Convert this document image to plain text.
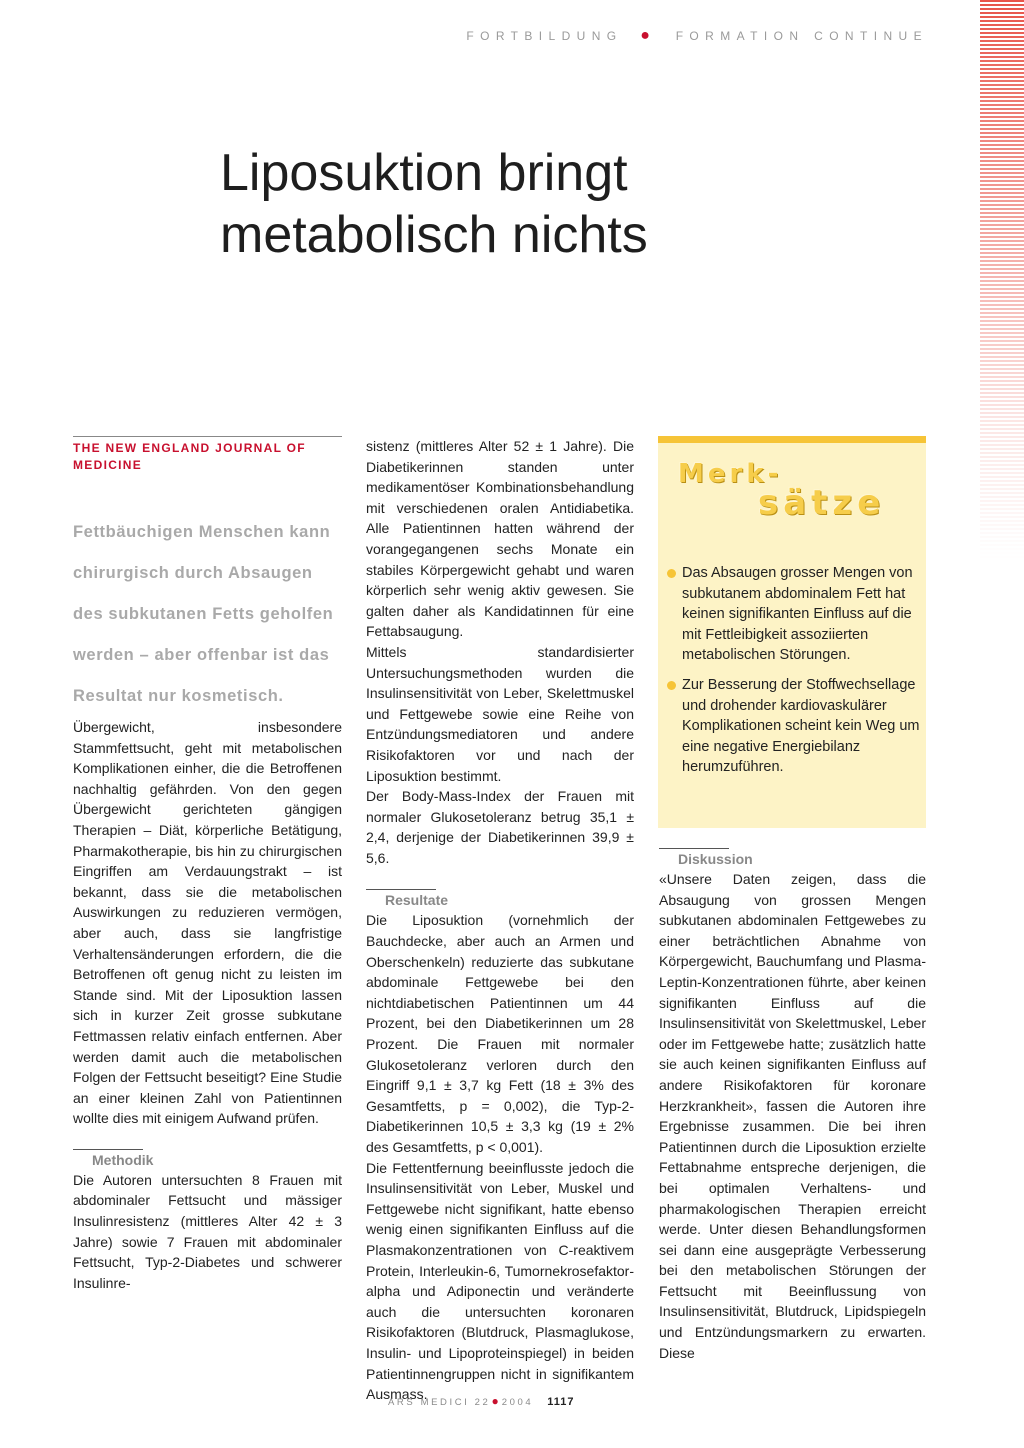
FORTBILDUNG ● FORMATION CONTINUE
Liposuktion bringt
metabolisch nichts
THE NEW ENGLAND JOURNAL OF MEDICINE
Fettbäuchigen Menschen kann chirurgisch durch Absaugen des subkutanen Fetts geholfen werden – aber offenbar ist das Resultat nur kosmetisch.

Übergewicht, insbesondere Stammfettsucht, geht mit metabolischen Komplikationen einher, die die Betroffenen nachhaltig gefährden. Von den gegen Übergewicht gerichteten gängigen Therapien – Diät, körperliche Betätigung, Pharmakotherapie, bis hin zu chirurgischen Eingriffen am Verdauungstrakt – ist bekannt, dass sie die metabolischen Auswirkungen zu reduzieren vermögen, aber auch, dass sie langfristige Verhaltensänderungen erfordern, die die Betroffenen oft genug nicht zu leisten im Stande sind. Mit der Liposuktion lassen sich in kurzer Zeit grosse subkutane Fettmassen relativ einfach entfernen. Aber werden damit auch die metabolischen Folgen der Fettsucht beseitigt? Eine Studie an einer kleinen Zahl von Patientinnen wollte dies mit einigem Aufwand prüfen.

Methodik

Die Autoren untersuchten 8 Frauen mit abdominaler Fettsucht und mässiger Insulinresistenz (mittleres Alter 42 ± 3 Jahre) sowie 7 Frauen mit abdominaler Fettsucht, Typ-2-Diabetes und schwerer Insulinre-

sistenz (mittleres Alter 52 ± 1 Jahre). Die Diabetikerinnen standen unter medikamentöser Kombinationsbehandlung mit verschiedenen oralen Antidiabetika. Alle Patientinnen hatten während der vorangegangenen sechs Monate ein stabiles Körpergewicht gehabt und waren körperlich sehr wenig aktiv gewesen. Sie galten daher als Kandidatinnen für eine Fettabsaugung.

Mittels standardisierter Untersuchungsmethoden wurden die Insulinsensitivität von Leber, Skelettmuskel und Fettgewebe sowie eine Reihe von Entzündungsmediatoren und andere Risikofaktoren vor und nach der Liposuktion bestimmt.

Der Body-Mass-Index der Frauen mit normaler Glukosetoleranz betrug 35,1 ± 2,4, derjenige der Diabetikerinnen 39,9 ± 5,6.

Resultate

Die Liposuktion (vornehmlich der Bauchdecke, aber auch an Armen und Oberschenkeln) reduzierte das subkutane abdominale Fettgewebe bei den nichtdiabetischen Patientinnen um 44 Prozent, bei den Diabetikerinnen um 28 Prozent. Die Frauen mit normaler Glukosetoleranz verloren durch den Eingriff 9,1 ± 3,7 kg Fett (18 ± 3% des Gesamtfetts, p = 0,002), die Typ-2-Diabetikerinnen 10,5 ± 3,3 kg (19 ± 2% des Gesamtfetts, p < 0,001).

Die Fettentfernung beeinflusste jedoch die Insulinsensitivität von Leber, Muskel und Fettgewebe nicht signifikant, hatte ebenso wenig einen signifikanten Einfluss auf die Plasmakonzentrationen von C-reaktivem Protein, Interleukin-6, Tumornekrosefaktor-alpha und Adiponectin und veränderte auch die untersuchten koronaren Risikofaktoren (Blutdruck, Plasmaglukose, Insulin- und Lipoproteinspiegel) in beiden Patientinnengruppen nicht in signifikantem Ausmass.

Merk-
sätze
Das Absaugen grosser Mengen von subkutanem abdominalem Fett hat keinen signifikanten Einfluss auf die mit Fettleibigkeit assoziierten metabolischen Störungen.
Zur Besserung der Stoffwechsellage und drohender kardiovaskulärer Komplikationen scheint kein Weg um eine negative Energiebilanz herumzuführen.
Diskussion

«Unsere Daten zeigen, dass die Absaugung von grossen Mengen subkutanen abdominalen Fettgewebes zu einer beträchtlichen Abnahme von Körpergewicht, Bauchumfang und Plasma-Leptin-Konzentrationen führte, aber keinen signifikanten Einfluss auf die Insulinsensitivität von Skelettmuskel, Leber oder im Fettgewebe hatte; zusätzlich hatte sie auch keinen signifikanten Einfluss auf andere Risikofaktoren für koronare Herzkrankheit», fassen die Autoren ihre Ergebnisse zusammen. Die bei ihren Patientinnen durch die Liposuktion erzielte Fettabnahme entspreche derjenigen, die bei optimalen Verhaltens- und pharmakologischen Therapien erreicht werde. Unter diesen Behandlungsformen sei dann eine ausgeprägte Verbesserung bei den metabolischen Störungen der Fettsucht mit Beeinflussung von Insulinsensitivität, Blutdruck, Lipidspiegeln und Entzündungsmarkern zu erwarten. Diese

ARS MEDICI 22● 2004 1117
